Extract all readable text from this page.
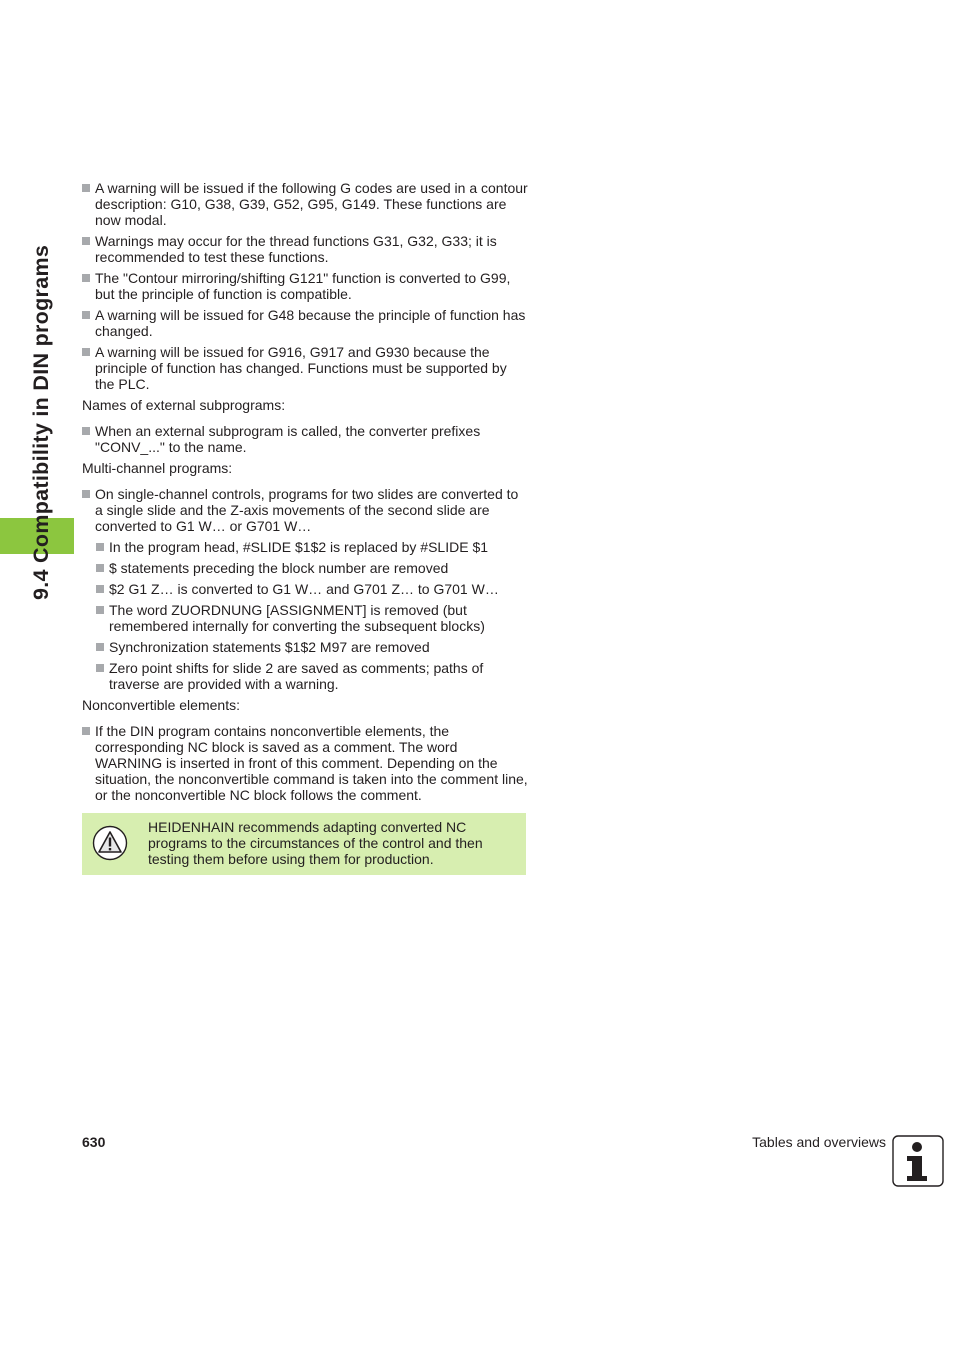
9.4 Compatibility in DIN programs
A warning will be issued if the following G codes are used in a contour description: G10, G38, G39, G52, G95, G149. These functions are now modal.
Warnings may occur for the thread functions G31, G32, G33; it is recommended to test these functions.
The "Contour mirroring/shifting G121" function is converted to G99, but the principle of function is compatible.
A warning will be issued for G48 because the principle of function has changed.
A warning will be issued for G916, G917 and G930 because the principle of function has changed. Functions must be supported by the PLC.
Names of external subprograms:
When an external subprogram is called, the converter prefixes "CONV_..." to the name.
Multi-channel programs:
On single-channel controls, programs for two slides are converted to a single slide and the Z-axis movements of the second slide are converted to G1 W… or G701 W…
In the program head, #SLIDE $1$2 is replaced by #SLIDE $1
$ statements preceding the block number are removed
$2 G1 Z… is converted to G1 W… and G701 Z… to G701 W…
The word ZUORDNUNG [ASSIGNMENT] is removed (but remembered internally for converting the subsequent blocks)
Synchronization statements $1$2 M97 are removed
Zero point shifts for slide 2 are saved as comments; paths of traverse are provided with a warning.
Nonconvertible elements:
If the DIN program contains nonconvertible elements, the corresponding NC block is saved as a comment. The word WARNING is inserted in front of this comment. Depending on the situation, the nonconvertible command is taken into the comment line, or the nonconvertible NC block follows the comment.
HEIDENHAIN recommends adapting converted NC programs to the circumstances of the control and then testing them before using them for production.
630	Tables and overviews
